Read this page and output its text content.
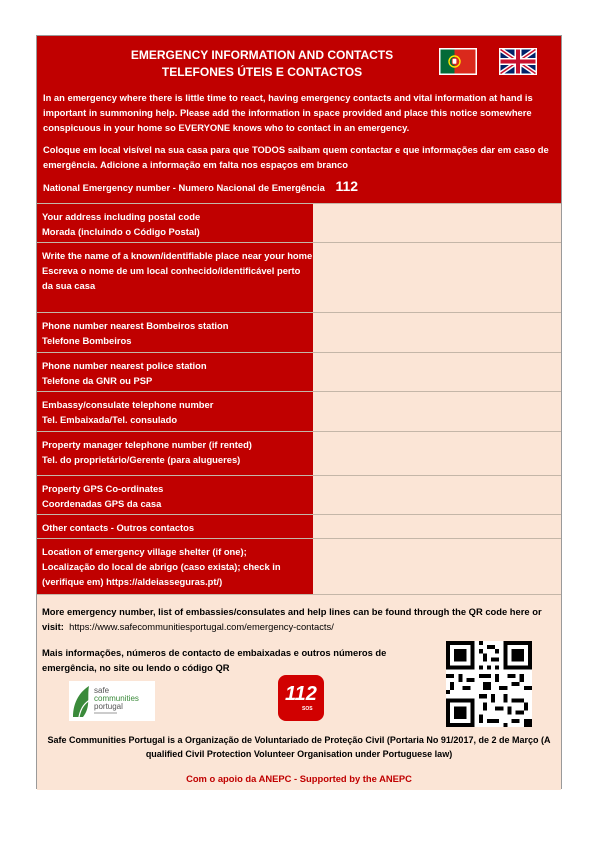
EMERGENCY INFORMATION AND CONTACTS
TELEFONES ÚTEIS E CONTACTOS

In an emergency where there is little time to react, having emergency contacts and vital information at hand is important in summoning help. Please add the information in space provided and place this notice somewhere conspicuous in your home so EVERYONE knows who to contact in an emergency.

Coloque em local visível na sua casa para que TODOS saibam quem contactar e que informações dar em caso de emergência. Adicione a informação em falta nos espaços em branco

National Emergency number - Numero Nacional de Emergência 112
Your address including postal code
Morada (incluindo o Código Postal)
Write the name of a known/identifiable place near your home
Escreva o nome de um local conhecido/identificável perto da sua casa
Phone number nearest Bombeiros station
Telefone Bombeiros
Phone number nearest police station
Telefone da GNR ou PSP
Embassy/consulate telephone number
Tel. Embaixada/Tel. consulado
Property manager telephone number (if rented)
Tel. do proprietário/Gerente (para alugueres)
Property GPS Co-ordinates
Coordenadas GPS da casa
Other contacts - Outros contactos
Location of emergency village shelter (if one);
Localização do local de abrigo (caso exista); check in (verifique em) https://aldeiasseguras.pt/)

More emergency number, list of embassies/consulates and help lines can be found through the QR code here or visit: https://www.safecommunitiesportugal.com/emergency-contacts/

Mais informações, números de contacto de embaixadas e outros números de emergência, no site ou lendo o código QR

safe
communities
portugal
112
SOS

Safe Communities Portugal is a Organização de Voluntariado de Proteção Civil (Portaria No 91/2017, de 2 de Março (A qualified Civil Protection Volunteer Organisation under Portuguese law)

Com o apoio da ANEPC - Supported by the ANEPC
